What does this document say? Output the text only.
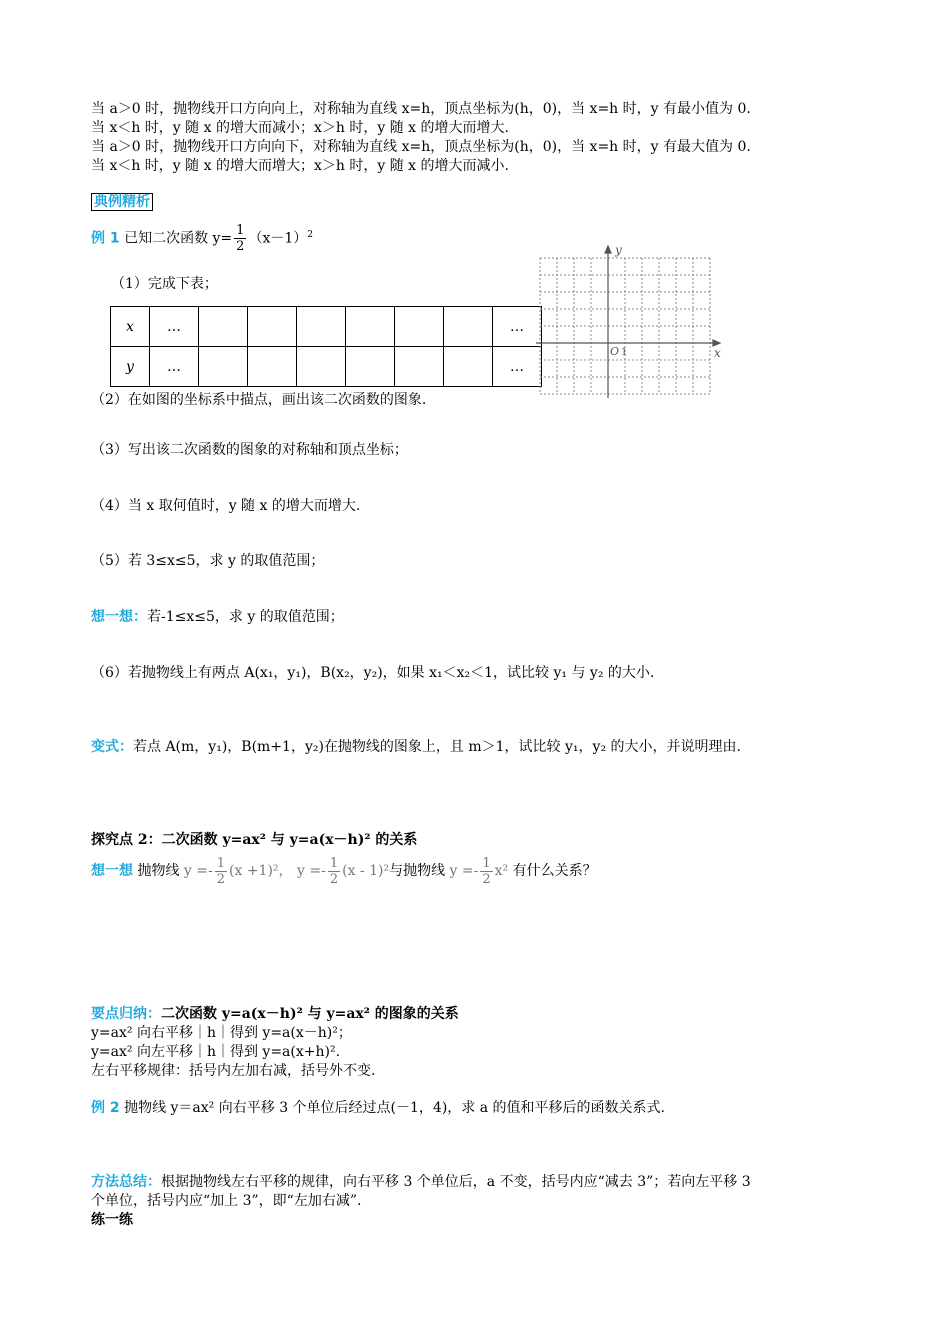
当 a＞0 时，抛物线开口方向向上，对称轴为直线 x=h，顶点坐标为(h，0)，当 x=h 时，y 有最小值为 0.
当 x＜h 时，y 随 x 的增大而减小；x＞h 时，y 随 x 的增大而增大.
当 a＞0 时，抛物线开口方向向下，对称轴为直线 x=h，顶点坐标为(h，0)，当 x=h 时，y 有最大值为 0.
当 x＜h 时，y 随 x 的增大而增大；x＞h 时，y 随 x 的增大而减小.
典例精析
例 1 已知二次函数 $y= \frac{1}{2} (x-1)^2$
（1）完成下表；
x	…							…
y	…							…
y
x
O 1
（2）在如图的坐标系中描点，画出该二次函数的图象.
（3）写出该二次函数的图象的对称轴和顶点坐标；
（4）当 x 取何值时，y 随 x 的增大而增大.
（5）若 3≤x≤5，求 y 的取值范围；
想一想：若-1≤x≤5，求 y 的取值范围；
（6）若抛物线上有两点 A(x₁，y₁)，B(x₂，y₂)，如果 x₁＜x₂＜1，试比较 y₁ 与 y₂ 的大小.
变式：若点 A(m，y₁)，B(m+1，y₂)在抛物线的图象上，且 m＞1，试比较 y₁，y₂ 的大小，并说明理由.
探究点 2：二次函数 y=ax² 与 y=a(x－h)² 的关系
想一想 抛物线 $y =- \frac{1}{2} (x +1)^2$， $y =- \frac{1}{2} (x - 1)^2$与抛物线 $y =- \frac{1}{2} x^2$ 有什么关系？
要点归纳：二次函数 y=a(x－h)² 与 y=ax² 的图象的关系
y=ax² 向右平移｜h｜得到 y=a(x－h)²；
y=ax² 向左平移｜h｜得到 y=a(x+h)².
左右平移规律：括号内左加右减，括号外不变.
例 2 抛物线 y＝ax² 向右平移 3 个单位后经过点(－1，4)，求 a 的值和平移后的函数关系式.
方法总结：根据抛物线左右平移的规律，向右平移 3 个单位后，a 不变，括号内应“减去 3”；若向左平移 3
个单位，括号内应“加上 3”，即“左加右减”.
练一练
